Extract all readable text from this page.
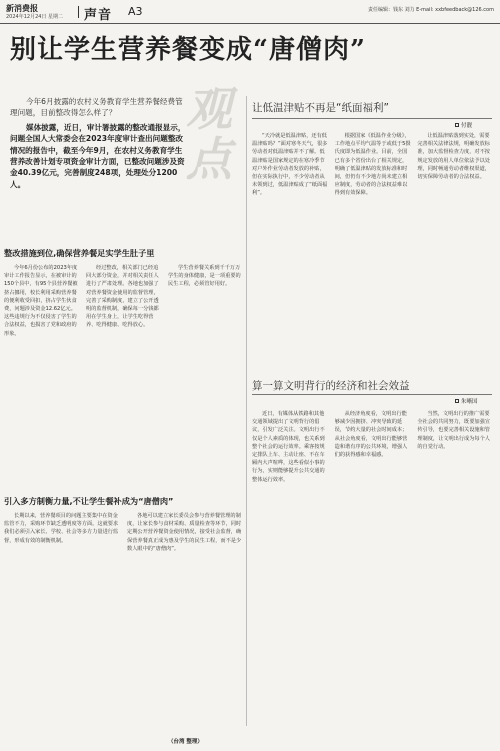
新消费报
2024年12月24日 星期二 声音 A3	责任编辑：钱东 刘力 E-mail: xxbfeedback@126.com
别让学生营养餐变成“唐僧肉”

今年6月披露的农村义务教育学生营养餐经费管理问题，目前整改得怎么样了？

媒体披露，近日，审计署披露的整改通报显示，问题全国人大常委会在2023年度审计查出问题整改情况的报告中，截至今年9月，在农村义务教育学生营养改善计划专项资金审计方面，已整改问题涉及资金40.39亿元，完善制度248项，处理处分1200人。

观点
整改措施到位,确保营养餐足实学生肚子里
今年6月份公布的2023年度审计工作报告显示，在被审计的150个县中，有95个县营养餐被挤占挪用，校长利用采购营养餐的便利收受回扣，挤占学生伙食费，问题涉及资金12.62亿元。这些违规行为不仅侵害了学生的合法权益，也损害了党和政府的形象。
经过整改，相关部门已经追回大部分资金，并对相关责任人进行了严肃处理。各地也加强了对营养餐资金使用的监督管理，完善了采购制度，建立了公开透明的监督机制，确保每一分钱都用在学生身上，让学生吃得营养、吃得健康、吃得放心。
学生营养餐关系到千千万万学生的身体健康，是一项重要的民生工程，必须管好用好。
引入多方制衡力量,不让学生餐补成为“唐僧肉”
长期以来，营养餐项目的问题主要集中在资金监管不力，采购环节缺乏透明度等方面。这就要求我们必须引入家长、学校、社会等多方力量进行监督，形成有效的制衡机制。
各地可以建立家长委员会参与营养餐管理的制度，让家长参与食材采购、质量检查等环节，同时定期公开营养餐资金使用情况，接受社会监督，确保营养餐真正成为惠及学生的民生工程，而不是少数人眼中的“唐僧肉”。
让低温津贴不再是“纸面福利”
付靓
“天冷就是低温津贴，还有低温津贴吗？”面对寒冬天气，很多劳动者对低温津贴并不了解。低温津贴是国家规定的在寒冷季节对户外作业劳动者发放的补贴，但在实际执行中，不少劳动者从未领到过，低温津贴成了“纸面福利”。
根据国家《低温作业分级》，工作地点平均气温等于或低于5摄氏度即为低温作业。目前，全国已有多个省份出台了相关规定，明确了低温津贴的发放标准和时间，但仍有不少地方尚未建立相应制度，劳动者的合法权益难以得到有效保障。
让低温津贴落到实处，需要完善相关法律法规，明确发放标准，加大监督检查力度，对不按规定发放的用人单位依法予以处理，同时畅通劳动者维权渠道，切实保障劳动者的合法权益。
算一算文明背行的经济和社会效益
朱晰国
近日，有媒体从铁路和其他交通领域提出了文明背行的倡议，引发广泛关注。文明出行不仅是个人素质的体现，也关系到整个社会的运行效率。乘客按规定排队上车、主动让座、不在车厢内大声喧哗，这些看似小事的行为，实则能够提升公共交通的整体运行效率。
从经济角度看，文明出行能够减少因拥挤、冲突导致的延误，节约大量的社会时间成本；从社会角度看，文明出行能够营造和谐有序的公共环境，增强人们的获得感和幸福感。
当然，文明出行的推广需要全社会的共同努力，既要加强宣传引导，也要完善相关设施和管理制度，让文明出行成为每个人的自觉行动。
（台湾 整理）
